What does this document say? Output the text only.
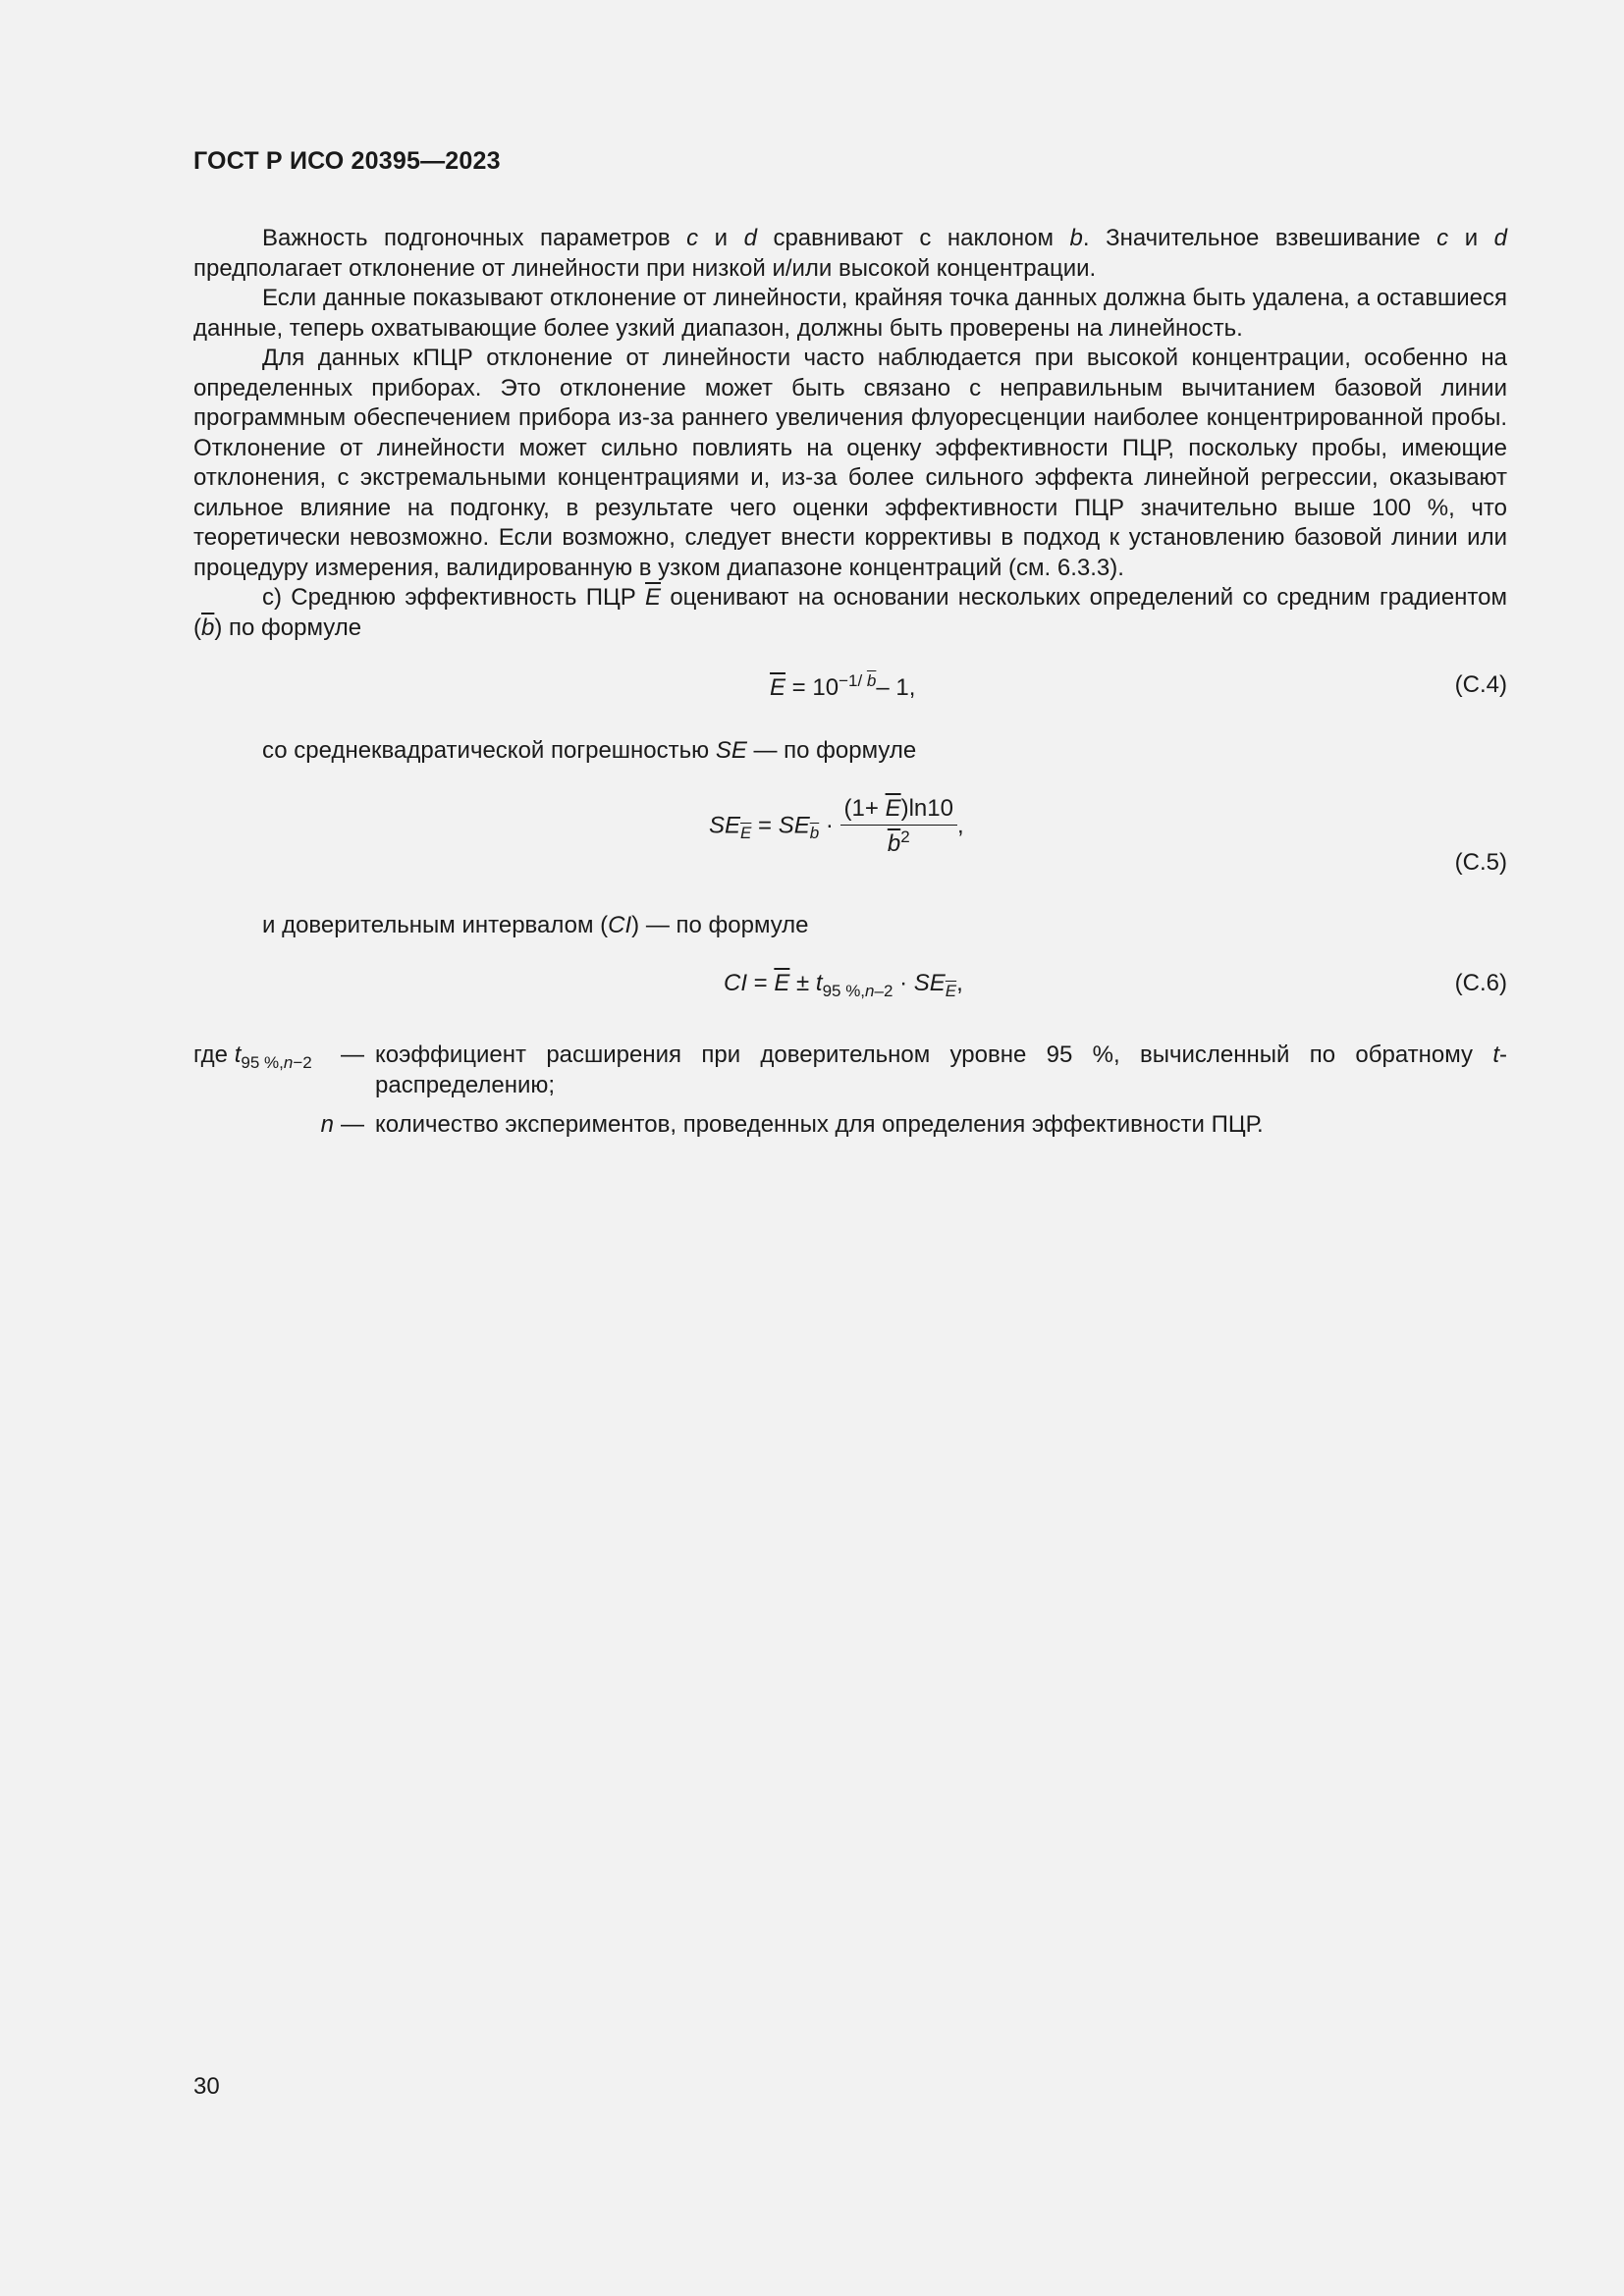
ГОСТ Р ИСО 20395—2023

Важность подгоночных параметров c и d сравнивают с наклоном b. Значительное взвешивание c и d предполагает отклонение от линейности при низкой и/или высокой концентрации.

Если данные показывают отклонение от линейности, крайняя точка данных должна быть удалена, а оставшиеся данные, теперь охватывающие более узкий диапазон, должны быть проверены на линейность.

Для данных кПЦР отклонение от линейности часто наблюдается при высокой концентрации, особенно на определенных приборах. Это отклонение может быть связано с неправильным вычитанием базовой линии программным обеспечением прибора из-за раннего увеличения флуоресценции наиболее концентрированной пробы. Отклонение от линейности может сильно повлиять на оценку эффективности ПЦР, поскольку пробы, имеющие отклонения, с экстремальными концентрациями и, из-за более сильного эффекта линейной регрессии, оказывают сильное влияние на подгонку, в результате чего оценки эффективности ПЦР значительно выше 100 %, что теоретически невозможно. Если возможно, следует внести коррективы в подход к установлению базовой линии или процедуру измерения, валидированную в узком диапазоне концентраций (см. 6.3.3).

c) Среднюю эффективность ПЦР $\overline{E}$ оценивают на основании нескольких определений со средним градиентом $(\overline{b})$ по формуле

$\overline{E} = 10^{-1/ \overline{b}}-$ 1,	(С.4)
со среднеквадратической погрешностью SE — по формуле
$SE_{\overline{E}} = SE_{\overline{b}} \cdot \frac{(1+ \overline{E})\ln 10}{\overline{b}^2}$ ,
(С.5)
и доверительным интервалом (CI) — по формуле
CI = $\overline{E} \pm t_{95 \%,n-2} \cdot SE_{\overline{E}}$,	(С.6)
где $t_{95 \%,n-2}$	— коэффициент расширения при доверительном уровне 95 %, вычисленный по обратному t-распределению;
n — количество экспериментов, проведенных для определения эффективности ПЦР.
30
